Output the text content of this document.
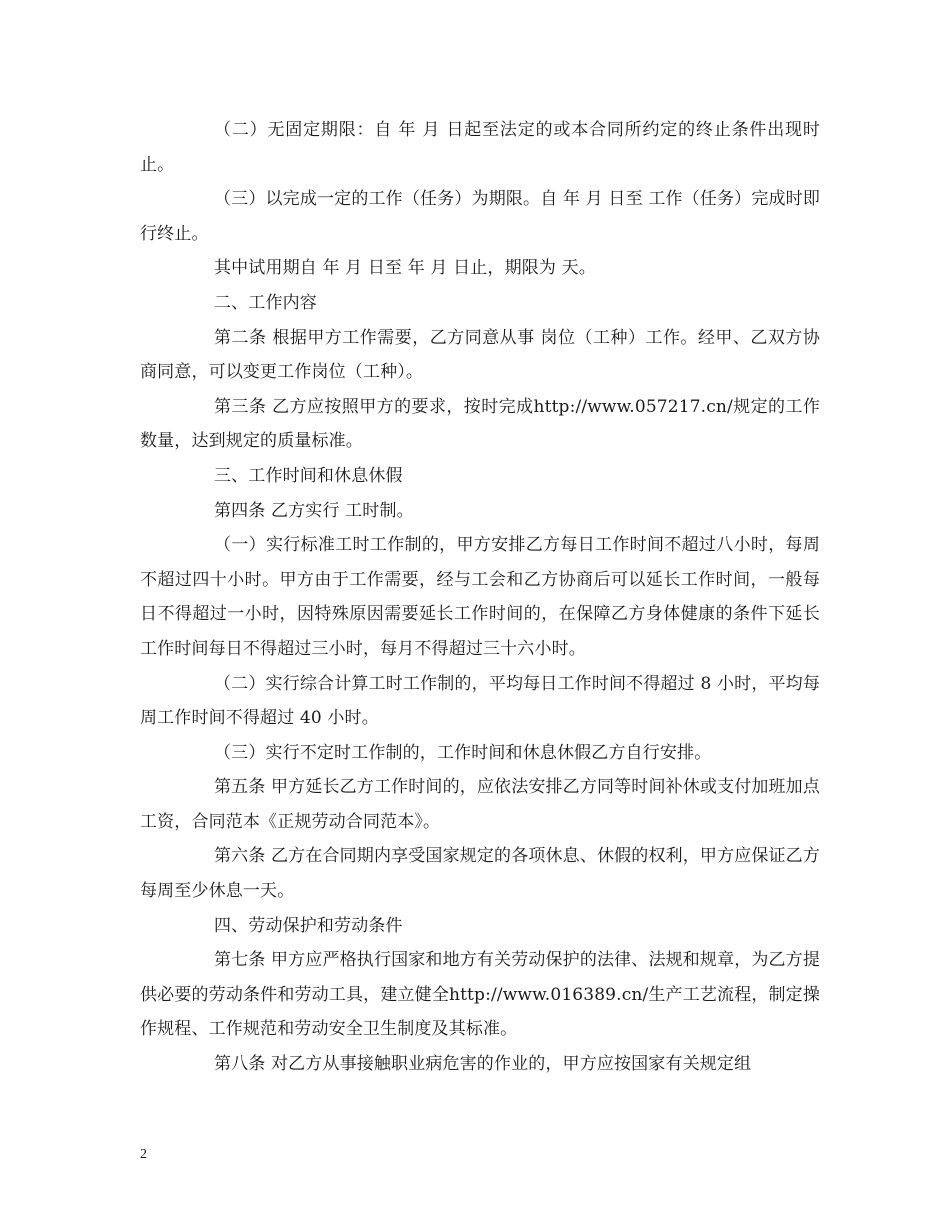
（二）无固定期限：自 年 月 日起至法定的或本合同所约定的终止条件出现时止。

（三）以完成一定的工作（任务）为期限。自 年 月 日至 工作（任务）完成时即行终止。

其中试用期自 年 月 日至 年 月 日止，期限为 天。

二、工作内容

第二条 根据甲方工作需要，乙方同意从事 岗位（工种）工作。经甲、乙双方协商同意，可以变更工作岗位（工种）。

第三条 乙方应按照甲方的要求，按时完成http://www.057217.cn/规定的工作数量，达到规定的质量标准。

三、工作时间和休息休假

第四条 乙方实行 工时制。

（一）实行标准工时工作制的，甲方安排乙方每日工作时间不超过八小时，每周不超过四十小时。甲方由于工作需要，经与工会和乙方协商后可以延长工作时间，一般每日不得超过一小时，因特殊原因需要延长工作时间的，在保障乙方身体健康的条件下延长工作时间每日不得超过三小时，每月不得超过三十六小时。

（二）实行综合计算工时工作制的，平均每日工作时间不得超过 8 小时，平均每周工作时间不得超过 40 小时。

（三）实行不定时工作制的，工作时间和休息休假乙方自行安排。

第五条 甲方延长乙方工作时间的，应依法安排乙方同等时间补休或支付加班加点工资，合同范本《正规劳动合同范本》。

第六条 乙方在合同期内享受国家规定的各项休息、休假的权利，甲方应保证乙方每周至少休息一天。

四、劳动保护和劳动条件

第七条 甲方应严格执行国家和地方有关劳动保护的法律、法规和规章，为乙方提供必要的劳动条件和劳动工具，建立健全http://www.016389.cn/生产工艺流程，制定操作规程、工作规范和劳动安全卫生制度及其标准。

第八条 对乙方从事接触职业病危害的作业的，甲方应按国家有关规定组

2
